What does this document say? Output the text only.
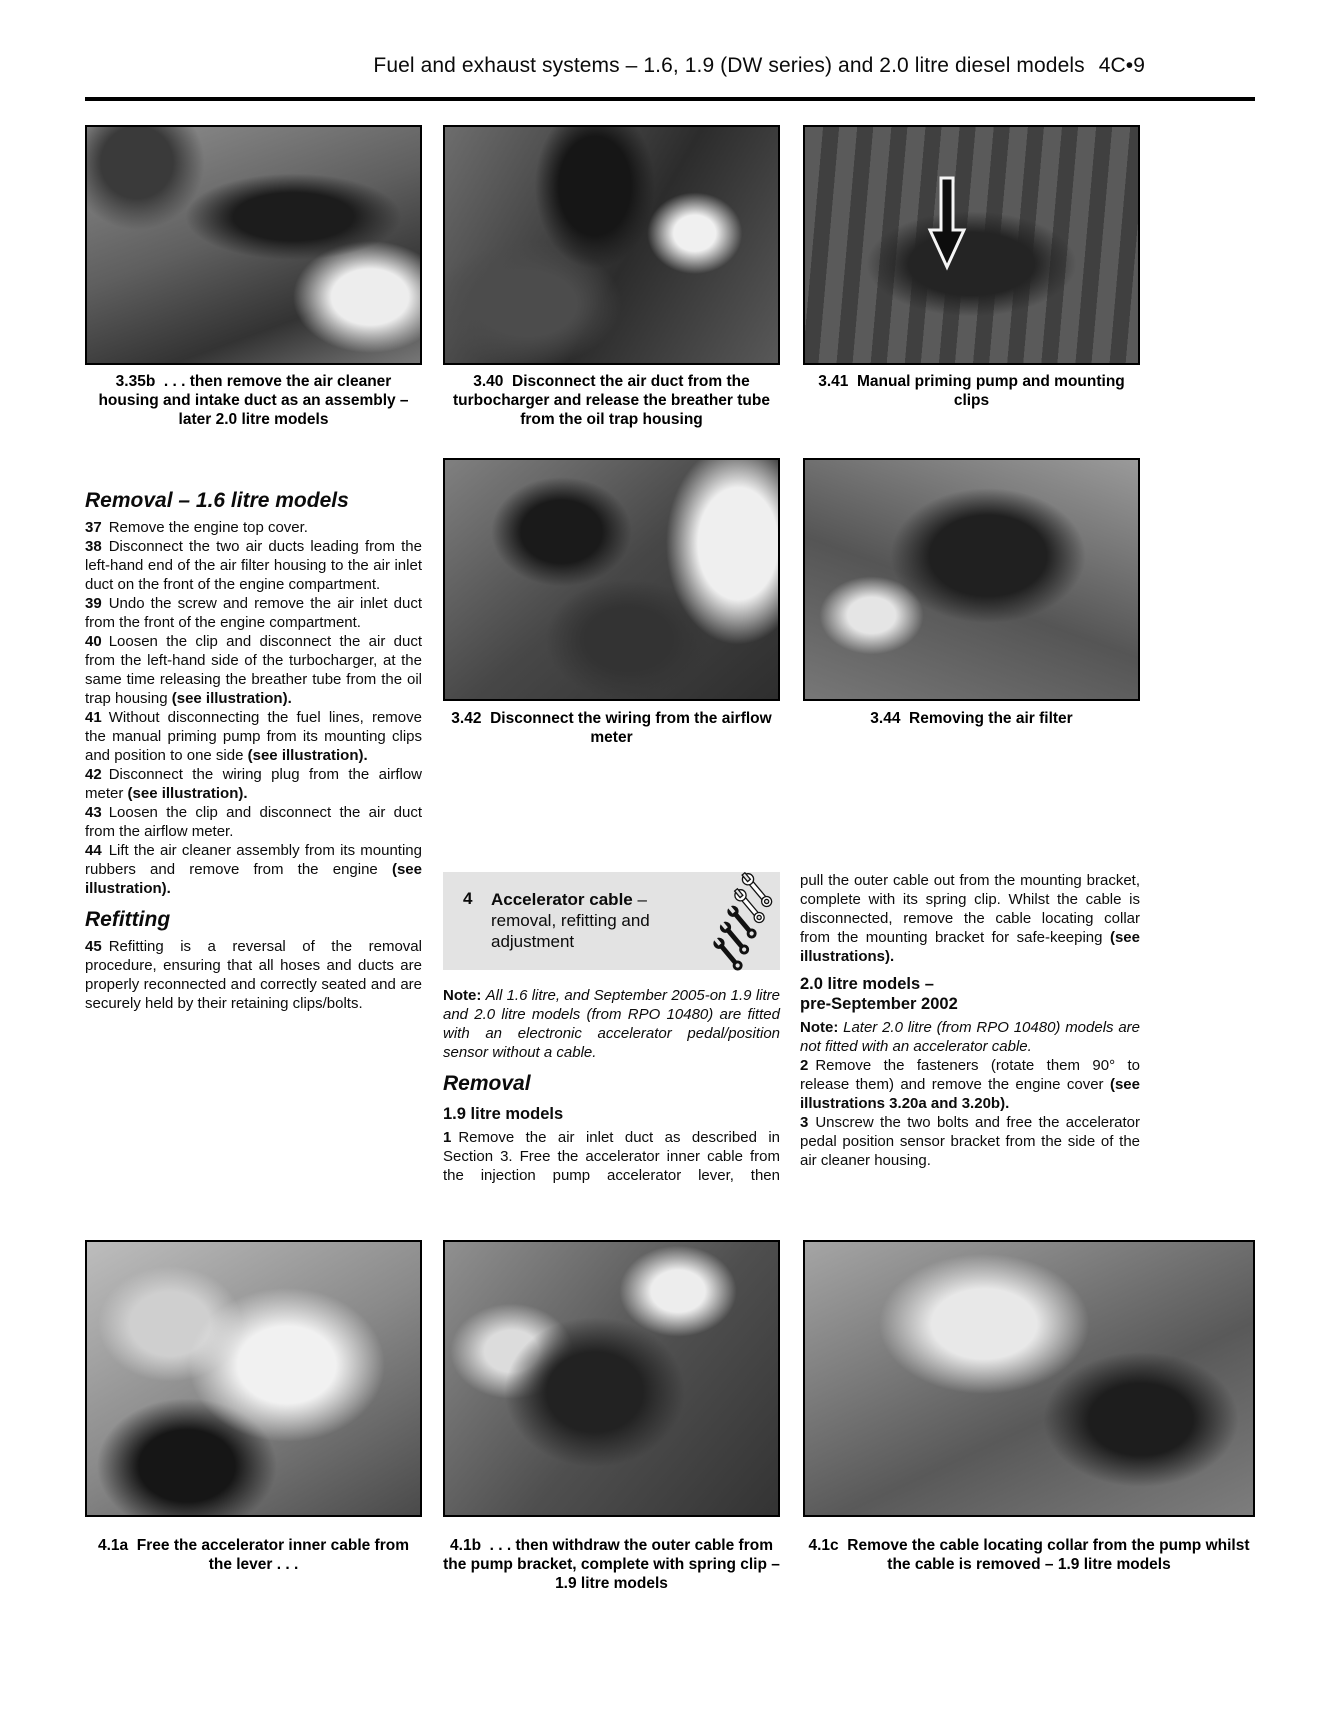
Fuel and exhaust systems – 1.6, 1.9 (DW series) and 2.0 litre diesel models 4C•9
3.35b  . . . then remove the air cleaner housing and intake duct as an assembly – later 2.0 litre models
3.40  Disconnect the air duct from the turbocharger and release the breather tube from the oil trap housing
3.41  Manual priming pump and mounting clips
3.42  Disconnect the wiring from the airflow meter
3.44  Removing the air filter
4 Accelerator cable – removal, refitting and adjustment
Removal – 1.6 litre models

37 Remove the engine top cover.

38 Disconnect the two air ducts leading from the left-hand end of the air filter housing to the air inlet duct on the front of the engine compartment.

39 Undo the screw and remove the air inlet duct from the front of the engine compartment.

40 Loosen the clip and disconnect the air duct from the left-hand side of the turbocharger, at the same time releasing the breather tube from the oil trap housing (see illustration).

41 Without disconnecting the fuel lines, remove the manual priming pump from its mounting clips and position to one side (see illustration).

42 Disconnect the wiring plug from the airflow meter (see illustration).

43 Loosen the clip and disconnect the air duct from the airflow meter.

44 Lift the air cleaner assembly from its mounting rubbers and remove from the engine (see illustration).

Refitting

45 Refitting is a reversal of the removal procedure, ensuring that all hoses and ducts are properly reconnected and correctly seated and are securely held by their retaining clips/bolts.	Note: All 1.6 litre, and September 2005-on 1.9 litre and 2.0 litre models (from RPO 10480) are fitted with an electronic accelerator pedal/position sensor without a cable.

Removal
1.9 litre models

1 Remove the air inlet duct as described in Section 3. Free the accelerator inner cable from the injection pump accelerator lever, then

pull the outer cable out from the mounting bracket, complete with its spring clip. Whilst the cable is disconnected, remove the cable locating collar from the mounting bracket for safe-keeping (see illustrations).

2.0 litre models –
pre-September 2002

Note: Later 2.0 litre (from RPO 10480) models are not fitted with an accelerator cable.

2 Remove the fasteners (rotate them 90° to release them) and remove the engine cover (see illustrations 3.20a and 3.20b).

3 Unscrew the two bolts and free the accelerator pedal position sensor bracket from the side of the air cleaner housing.

4.1a  Free the accelerator inner cable from the lever . . .
4.1b  . . . then withdraw the outer cable from the pump bracket, complete with spring clip – 1.9 litre models
4.1c  Remove the cable locating collar from the pump whilst the cable is removed – 1.9 litre models
